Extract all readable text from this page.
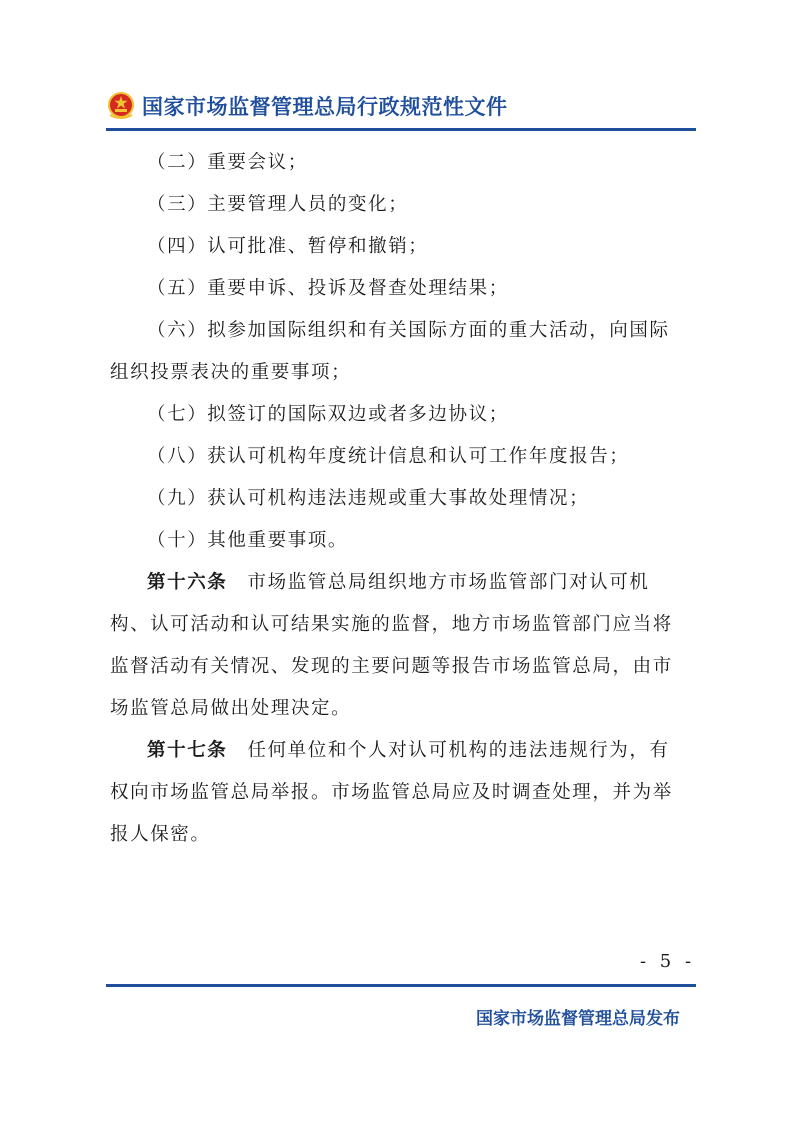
国家市场监督管理总局行政规范性文件
（二）重要会议；
（三）主要管理人员的变化；
（四）认可批准、暂停和撤销；
（五）重要申诉、投诉及督查处理结果；
（六）拟参加国际组织和有关国际方面的重大活动，向国际
组织投票表决的重要事项；
（七）拟签订的国际双边或者多边协议；
（八）获认可机构年度统计信息和认可工作年度报告；
（九）获认可机构违法违规或重大事故处理情况；
（十）其他重要事项。
第十六条　市场监管总局组织地方市场监管部门对认可机
构、认可活动和认可结果实施的监督，地方市场监管部门应当将
监督活动有关情况、发现的主要问题等报告市场监管总局，由市
场监管总局做出处理决定。
第十七条　任何单位和个人对认可机构的违法违规行为，有
权向市场监管总局举报。市场监管总局应及时调查处理，并为举
报人保密。
- 5 -
国家市场监督管理总局发布
